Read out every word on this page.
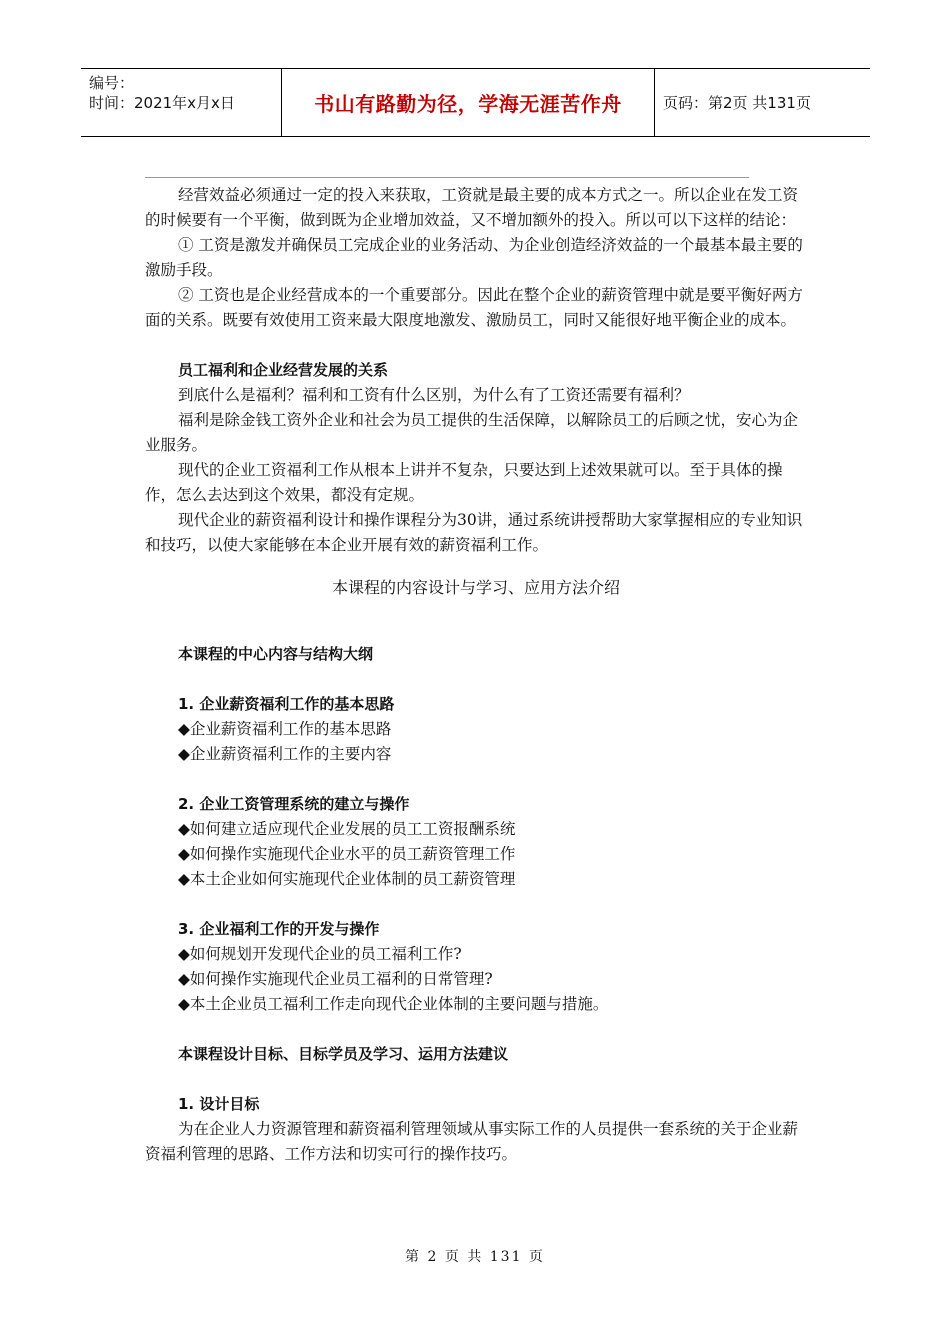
编号：
时间：2021年x月x日	书山有路勤为径，学海无涯苦作舟	页码：第2页 共131页

经营效益必须通过一定的投入来获取，工资就是最主要的成本方式之一。所以企业在发工资的时候要有一个平衡，做到既为企业增加效益，又不增加额外的投入。所以可以下这样的结论：

① 工资是激发并确保员工完成企业的业务活动、为企业创造经济效益的一个最基本最主要的激励手段。

② 工资也是企业经营成本的一个重要部分。因此在整个企业的薪资管理中就是要平衡好两方面的关系。既要有效使用工资来最大限度地激发、激励员工，同时又能很好地平衡企业的成本。

员工福利和企业经营发展的关系

到底什么是福利？福利和工资有什么区别，为什么有了工资还需要有福利？

福利是除金钱工资外企业和社会为员工提供的生活保障，以解除员工的后顾之忧，安心为企业服务。

现代的企业工资福利工作从根本上讲并不复杂，只要达到上述效果就可以。至于具体的操作，怎么去达到这个效果，都没有定规。

现代企业的薪资福利设计和操作课程分为30讲，通过系统讲授帮助大家掌握相应的专业知识和技巧，以使大家能够在本企业开展有效的薪资福利工作。

本课程的内容设计与学习、应用方法介绍

本课程的中心内容与结构大纲

1. 企业薪资福利工作的基本思路

◆企业薪资福利工作的基本思路

◆企业薪资福利工作的主要内容

2. 企业工资管理系统的建立与操作

◆如何建立适应现代企业发展的员工工资报酬系统

◆如何操作实施现代企业水平的员工薪资管理工作

◆本土企业如何实施现代企业体制的员工薪资管理

3. 企业福利工作的开发与操作

◆如何规划开发现代企业的员工福利工作?

◆如何操作实施现代企业员工福利的日常管理?

◆本土企业员工福利工作走向现代企业体制的主要问题与措施。

本课程设计目标、目标学员及学习、运用方法建议

1. 设计目标

为在企业人力资源管理和薪资福利管理领域从事实际工作的人员提供一套系统的关于企业薪资福利管理的思路、工作方法和切实可行的操作技巧。

第 2 页 共 131 页
